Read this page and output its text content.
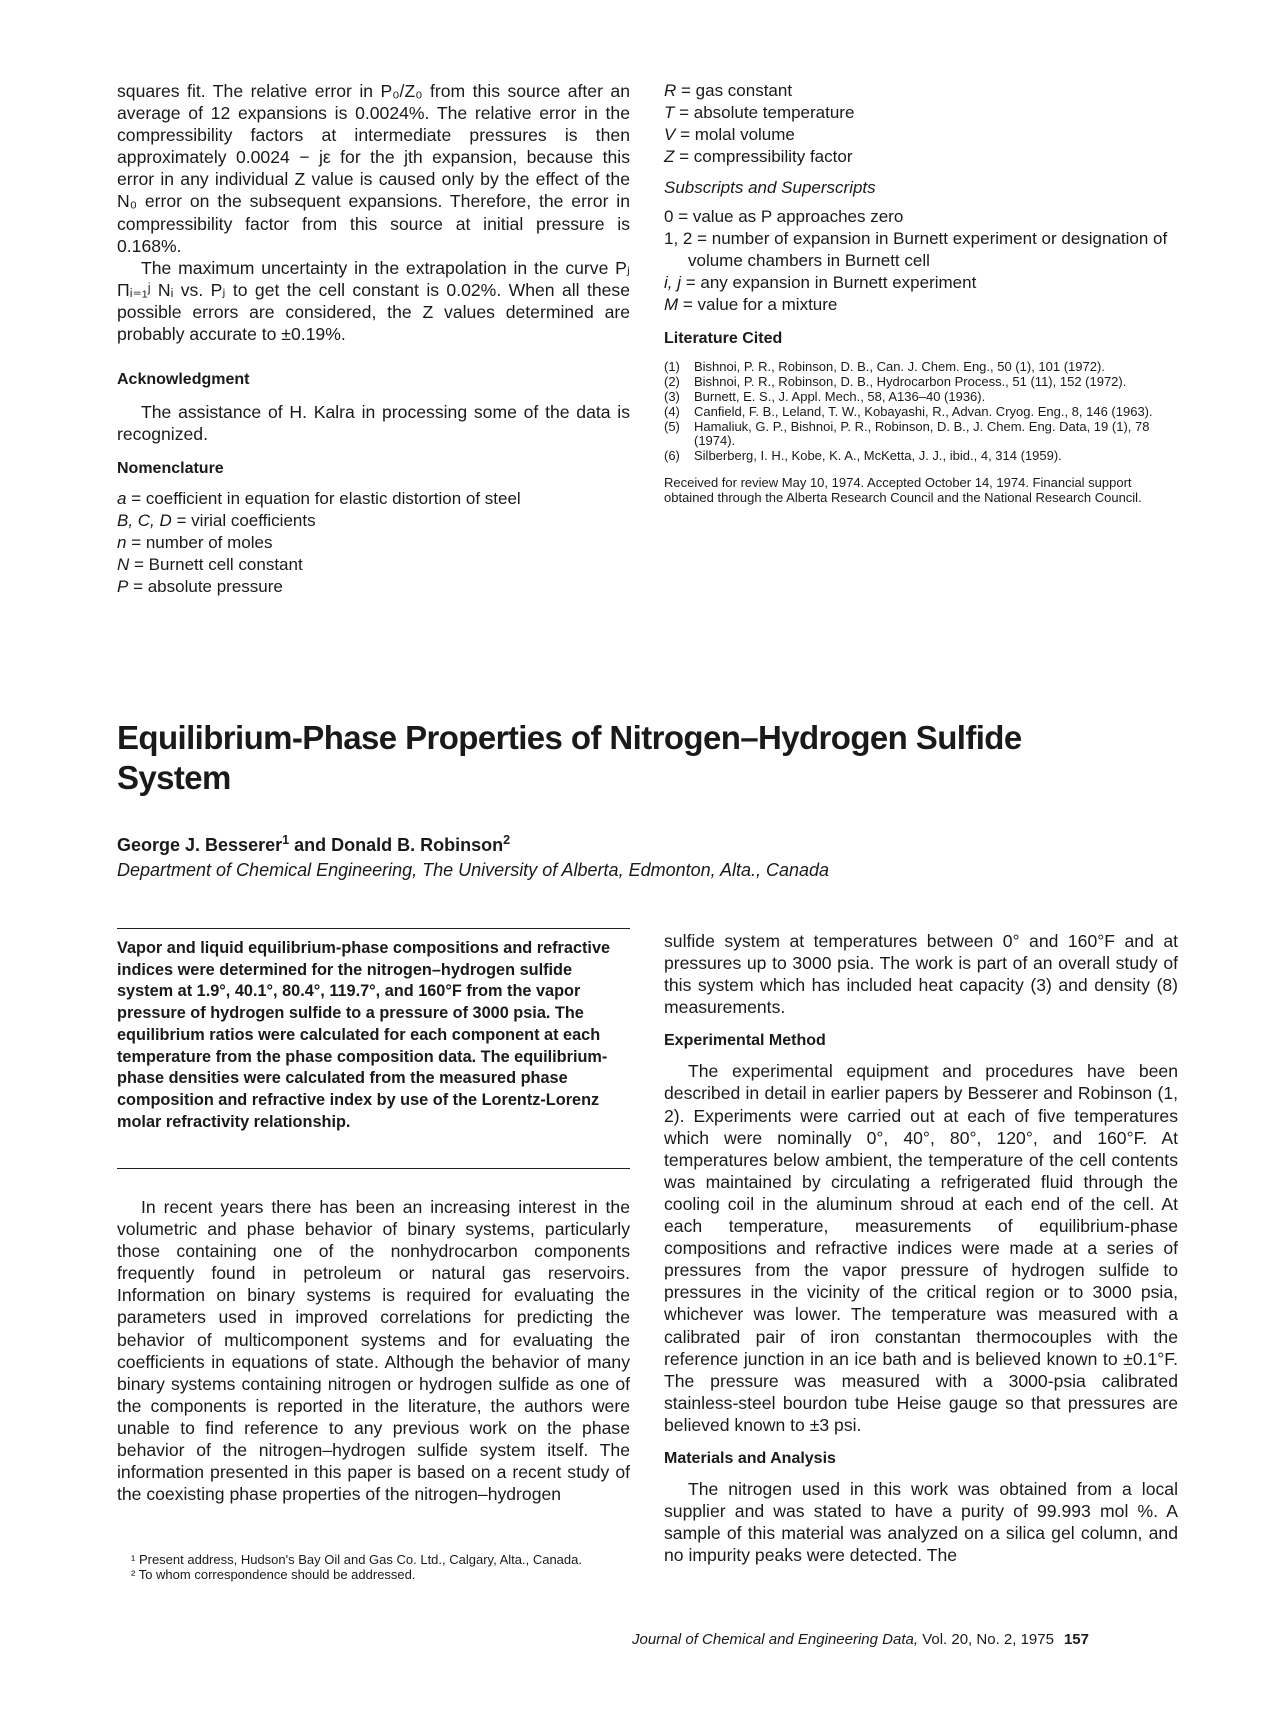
squares fit. The relative error in P₀/Z₀ from this source after an average of 12 expansions is 0.0024%. The relative error in the compressibility factors at intermediate pressures is then approximately 0.0024 − jε for the jth expansion, because this error in any individual Z value is caused only by the effect of the N₀ error on the subsequent expansions. Therefore, the error in compressibility factor from this source at initial pressure is 0.168%.

The maximum uncertainty in the extrapolation in the curve Pⱼ Πᵢ₌₁ʲ Nᵢ vs. Pⱼ to get the cell constant is 0.02%. When all these possible errors are considered, the Z values determined are probably accurate to ±0.19%.

Acknowledgment

The assistance of H. Kalra in processing some of the data is recognized.

Nomenclature

a = coefficient in equation for elastic distortion of steel

B, C, D = virial coefficients

n = number of moles

N = Burnett cell constant

P = absolute pressure

R = gas constant

T = absolute temperature

V = molal volume

Z = compressibility factor

Subscripts and Superscripts

0 = value as P approaches zero

1, 2 = number of expansion in Burnett experiment or designation of volume chambers in Burnett cell

i, j = any expansion in Burnett experiment

M = value for a mixture

Literature Cited

(1)	Bishnoi, P. R., Robinson, D. B., Can. J. Chem. Eng., 50 (1), 101 (1972).
(2)	Bishnoi, P. R., Robinson, D. B., Hydrocarbon Process., 51 (11), 152 (1972).
(3)	Burnett, E. S., J. Appl. Mech., 58, A136–40 (1936).
(4)	Canfield, F. B., Leland, T. W., Kobayashi, R., Advan. Cryog. Eng., 8, 146 (1963).
(5)	Hamaliuk, G. P., Bishnoi, P. R., Robinson, D. B., J. Chem. Eng. Data, 19 (1), 78 (1974).
(6)	Silberberg, I. H., Kobe, K. A., McKetta, J. J., ibid., 4, 314 (1959).

Received for review May 10, 1974. Accepted October 14, 1974. Financial support obtained through the Alberta Research Council and the National Research Council.

Equilibrium-Phase Properties of Nitrogen–Hydrogen Sulfide System

George J. Besserer$^1$ and Donald B. Robinson$^2$

Department of Chemical Engineering, The University of Alberta, Edmonton, Alta., Canada

Vapor and liquid equilibrium-phase compositions and refractive indices were determined for the nitrogen–hydrogen sulfide system at 1.9°, 40.1°, 80.4°, 119.7°, and 160°F from the vapor pressure of hydrogen sulfide to a pressure of 3000 psia. The equilibrium ratios were calculated for each component at each temperature from the phase composition data. The equilibrium-phase densities were calculated from the measured phase composition and refractive index by use of the Lorentz-Lorenz molar refractivity relationship.

In recent years there has been an increasing interest in the volumetric and phase behavior of binary systems, particularly those containing one of the nonhydrocarbon components frequently found in petroleum or natural gas reservoirs. Information on binary systems is required for evaluating the parameters used in improved correlations for predicting the behavior of multicomponent systems and for evaluating the coefficients in equations of state. Although the behavior of many binary systems containing nitrogen or hydrogen sulfide as one of the components is reported in the literature, the authors were unable to find reference to any previous work on the phase behavior of the nitrogen–hydrogen sulfide system itself. The information presented in this paper is based on a recent study of the coexisting phase properties of the nitrogen–hydrogen

¹ Present address, Hudson's Bay Oil and Gas Co. Ltd., Calgary, Alta., Canada.

² To whom correspondence should be addressed.

sulfide system at temperatures between 0° and 160°F and at pressures up to 3000 psia. The work is part of an overall study of this system which has included heat capacity (3) and density (8) measurements.

Experimental Method

The experimental equipment and procedures have been described in detail in earlier papers by Besserer and Robinson (1, 2). Experiments were carried out at each of five temperatures which were nominally 0°, 40°, 80°, 120°, and 160°F. At temperatures below ambient, the temperature of the cell contents was maintained by circulating a refrigerated fluid through the cooling coil in the aluminum shroud at each end of the cell. At each temperature, measurements of equilibrium-phase compositions and refractive indices were made at a series of pressures from the vapor pressure of hydrogen sulfide to pressures in the vicinity of the critical region or to 3000 psia, whichever was lower. The temperature was measured with a calibrated pair of iron constantan thermocouples with the reference junction in an ice bath and is believed known to ±0.1°F. The pressure was measured with a 3000-psia calibrated stainless-steel bourdon tube Heise gauge so that pressures are believed known to ±3 psi.

Materials and Analysis

The nitrogen used in this work was obtained from a local supplier and was stated to have a purity of 99.993 mol %. A sample of this material was analyzed on a silica gel column, and no impurity peaks were detected. The

Journal of Chemical and Engineering Data, Vol. 20, No. 2, 1975 157
